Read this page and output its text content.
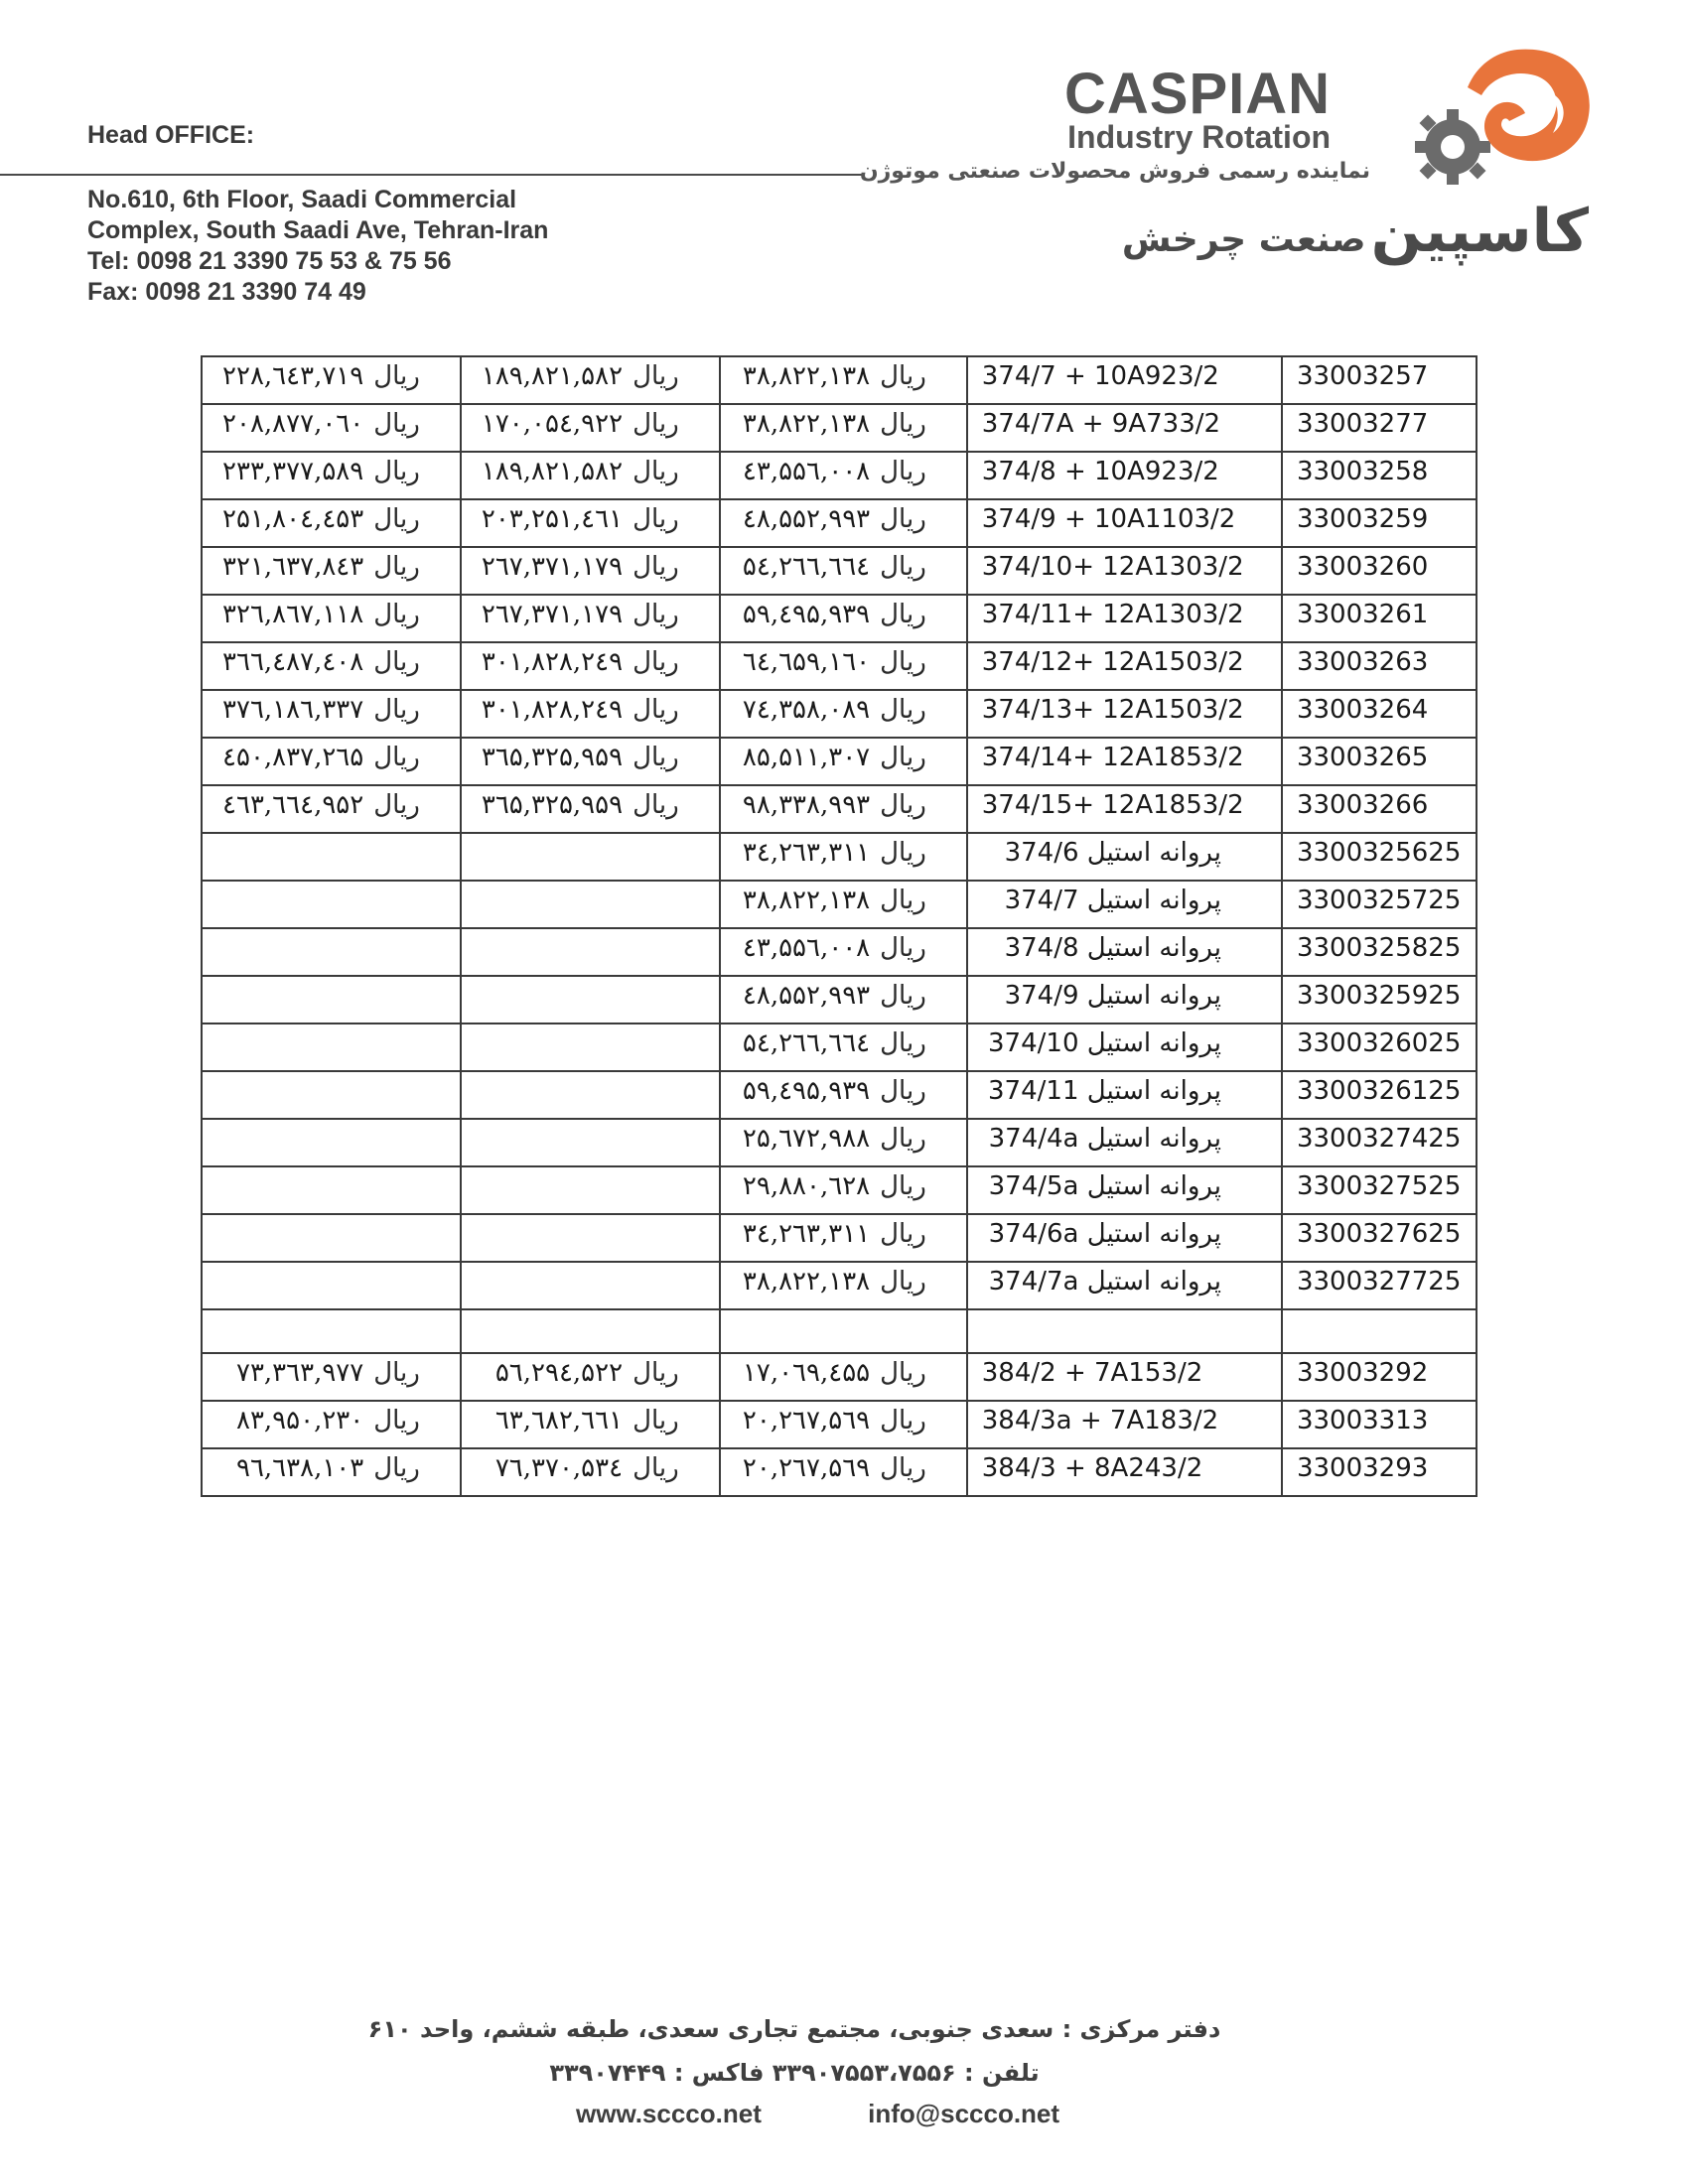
Head OFFICE:
No.610, 6th Floor, Saadi Commercial
Complex, South Saadi Ave, Tehran-Iran
Tel: 0098 21 3390 75 53 & 75 56
Fax: 0098 21 3390 74 49
CASPIAN
Industry Rotation
نماینده رسمی فروش محصولات صنعتی موتوژن
کاسپین صنعت چرخش
ریال۲۲۸,٦٤۳,۷۱۹	ریال۱۸۹,۸۲۱,۵۸۲	ریال۳۸,۸۲۲,۱۳۸	374/7 + 10A923/2	33003257
ریال۲۰۸,۸۷۷,۰٦۰	ریال۱۷۰,۰۵٤,۹۲۲	ریال۳۸,۸۲۲,۱۳۸	374/7A + 9A733/2	33003277
ریال۲۳۳,۳۷۷,۵۸۹	ریال۱۸۹,۸۲۱,۵۸۲	ریال٤۳,۵۵٦,۰۰۸	374/8 + 10A923/2	33003258
ریال۲۵۱,۸۰٤,٤۵۳	ریال۲۰۳,۲۵۱,٤٦۱	ریال٤۸,۵۵۲,۹۹۳	374/9 + 10A1103/2	33003259
ریال۳۲۱,٦۳۷,۸٤۳	ریال۲٦۷,۳۷۱,۱۷۹	ریال۵٤,۲٦٦,٦٦٤	374/10+ 12A1303/2	33003260
ریال۳۲٦,۸٦۷,۱۱۸	ریال۲٦۷,۳۷۱,۱۷۹	ریال۵۹,٤۹۵,۹۳۹	374/11+ 12A1303/2	33003261
ریال۳٦٦,٤۸۷,٤۰۸	ریال۳۰۱,۸۲۸,۲٤۹	ریال٦٤,٦۵۹,۱٦۰	374/12+ 12A1503/2	33003263
ریال۳۷٦,۱۸٦,۳۳۷	ریال۳۰۱,۸۲۸,۲٤۹	ریال۷٤,۳۵۸,۰۸۹	374/13+ 12A1503/2	33003264
ریال٤۵۰,۸۳۷,۲٦۵	ریال۳٦۵,۳۲۵,۹۵۹	ریال۸۵,۵۱۱,۳۰۷	374/14+ 12A1853/2	33003265
ریال٤٦۳,٦٦٤,۹۵۲	ریال۳٦۵,۳۲۵,۹۵۹	ریال۹۸,۳۳۸,۹۹۳	374/15+ 12A1853/2	33003266
		ریال۳٤,۲٦۳,۳۱۱	پروانه استیل 374/6	3300325625
		ریال۳۸,۸۲۲,۱۳۸	پروانه استیل 374/7	3300325725
		ریال٤۳,۵۵٦,۰۰۸	پروانه استیل 374/8	3300325825
		ریال٤۸,۵۵۲,۹۹۳	پروانه استیل 374/9	3300325925
		ریال۵٤,۲٦٦,٦٦٤	پروانه استیل 374/10	3300326025
		ریال۵۹,٤۹۵,۹۳۹	پروانه استیل 374/11	3300326125
		ریال۲۵,٦۷۲,۹۸۸	پروانه استیل 374/4a	3300327425
		ریال۲۹,۸۸۰,٦۲۸	پروانه استیل 374/5a	3300327525
		ریال۳٤,۲٦۳,۳۱۱	پروانه استیل 374/6a	3300327625
		ریال۳۸,۸۲۲,۱۳۸	پروانه استیل 374/7a	3300327725

ریال۷۳,۳٦۳,۹۷۷	ریال۵٦,۲۹٤,۵۲۲	ریال۱۷,۰٦۹,٤۵۵	384/2 + 7A153/2	33003292
ریال۸۳,۹۵۰,۲۳۰	ریال٦۳,٦۸۲,٦٦۱	ریال۲۰,۲٦۷,۵٦۹	384/3a + 7A183/2	33003313
ریال۹٦,٦۳۸,۱۰۳	ریال۷٦,۳۷۰,۵۳٤	ریال۲۰,۲٦۷,۵٦۹	384/3 + 8A243/2	33003293
دفتر مرکزی : سعدی جنوبی، مجتمع تجاری سعدی، طبقه ششم، واحد ۶۱۰
تلفن : ۳۳۹۰۷۵۵۳،۷۵۵۶ فاکس : ۳۳۹۰۷۴۴۹
www.sccco.net	info@sccco.net
